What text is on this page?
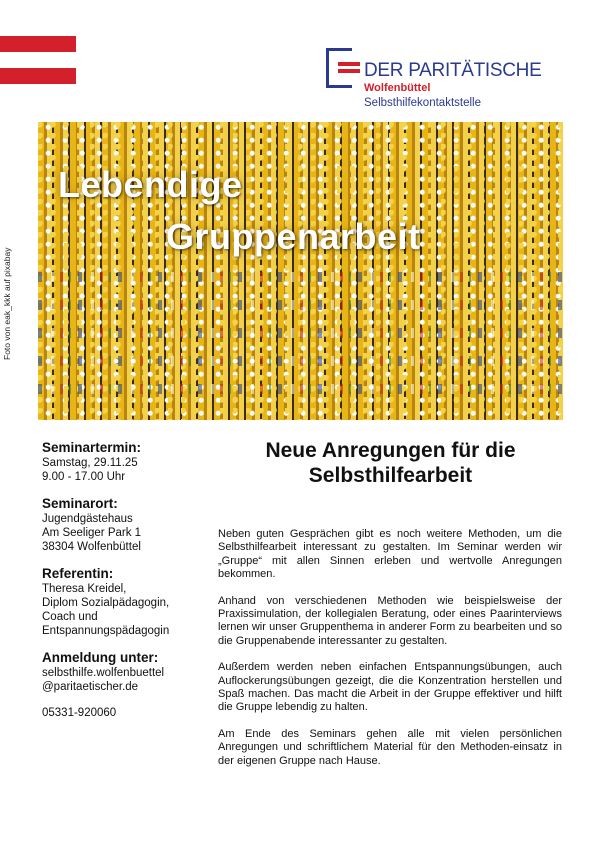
DER PARITÄTISCHE
Wolfenbüttel
Selbsthilfekontaktstelle
Lebendige
Gruppenarbeit
Foto von eak_kkk auf pixabay
Seminartermin:
Samstag, 29.11.25
9.00 - 17.00 Uhr
Seminarort:
Jugendgästehaus
Am Seeliger Park 1
38304 Wolfenbüttel
Referentin:
Theresa Kreidel,
Diplom Sozialpädagogin,
Coach und
Entspannungspädagogin
Anmeldung unter:
selbsthilfe.wolfenbuettel
@paritaetischer.de
05331-920060
Neue Anregungen für die
Selbsthilfearbeit

Neben guten Gesprächen gibt es noch weitere Methoden, um die Selbsthilfearbeit interessant zu gestalten. Im Seminar werden wir „Gruppe“ mit allen Sinnen erleben und wertvolle Anregungen bekommen.

Anhand von verschiedenen Methoden wie beispielsweise der Praxissimulation, der kollegialen Beratung, oder eines Paarinterviews lernen wir unser Gruppenthema in anderer Form zu bearbeiten und so die Gruppenabende interessanter zu gestalten.

Außerdem werden neben einfachen Entspannungsübungen, auch Auflockerungsübungen gezeigt, die die Konzentration herstellen und Spaß machen. Das macht die Arbeit in der Gruppe effektiver und hilft die Gruppe lebendig zu halten.

Am Ende des Seminars gehen alle mit vielen persönlichen Anregungen und schriftlichem Material für den Methoden-einsatz in der eigenen Gruppe nach Hause.
